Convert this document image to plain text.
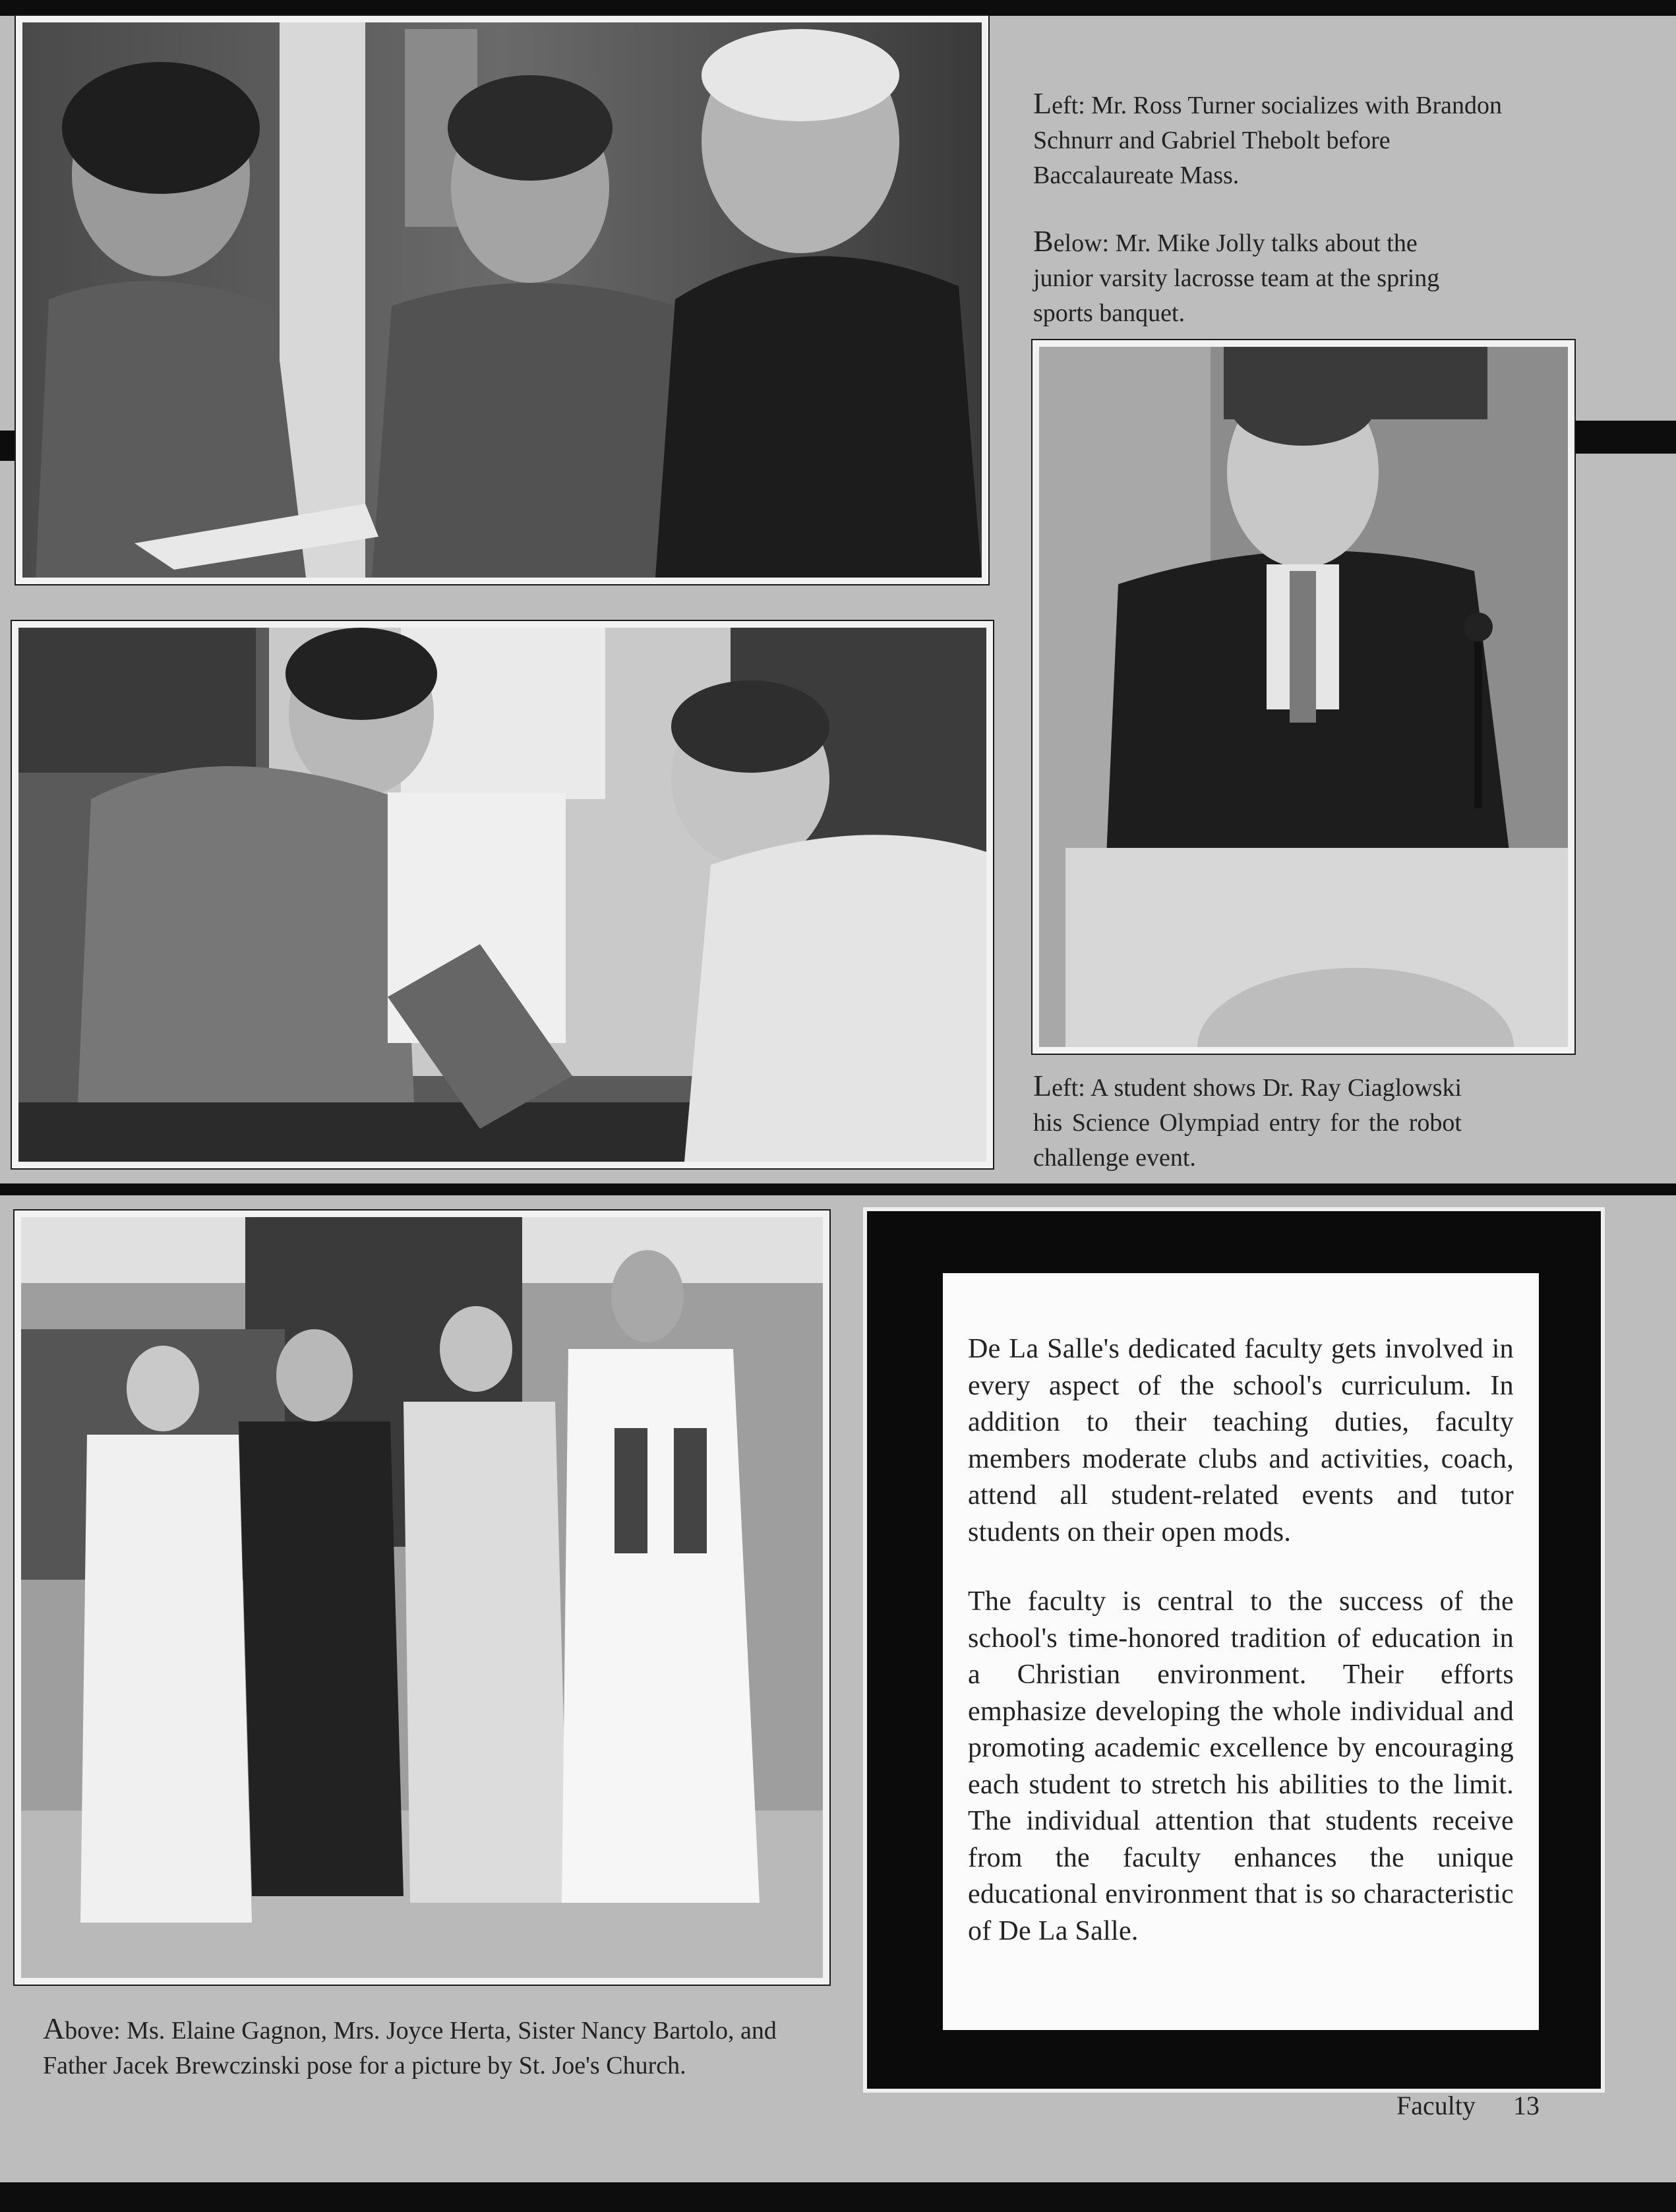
Left: Mr. Ross Turner socializes with Brandon Schnurr and Gabriel Thebolt before Baccalaureate Mass.
Below: Mr. Mike Jolly talks about the junior varsity lacrosse team at the spring sports banquet.
Left: A student shows Dr. Ray Ciaglowski his Science Olympiad entry for the robot challenge event.
Above: Ms. Elaine Gagnon, Mrs. Joyce Herta, Sister Nancy Bartolo, and Father Jacek Brewczinski pose for a picture by St. Joe's Church.

De La Salle's dedicated faculty gets involved in every aspect of the school's curriculum. In addition to their teaching duties, faculty members moderate clubs and activities, coach, attend all student-related events and tutor students on their open mods.

The faculty is central to the success of the school's time-honored tradition of education in a Christian environment. Their efforts emphasize developing the whole individual and promoting academic excellence by encouraging each student to stretch his abilities to the limit. The individual attention that students receive from the faculty enhances the unique educational environment that is so characteristic of De La Salle.

Faculty 13
